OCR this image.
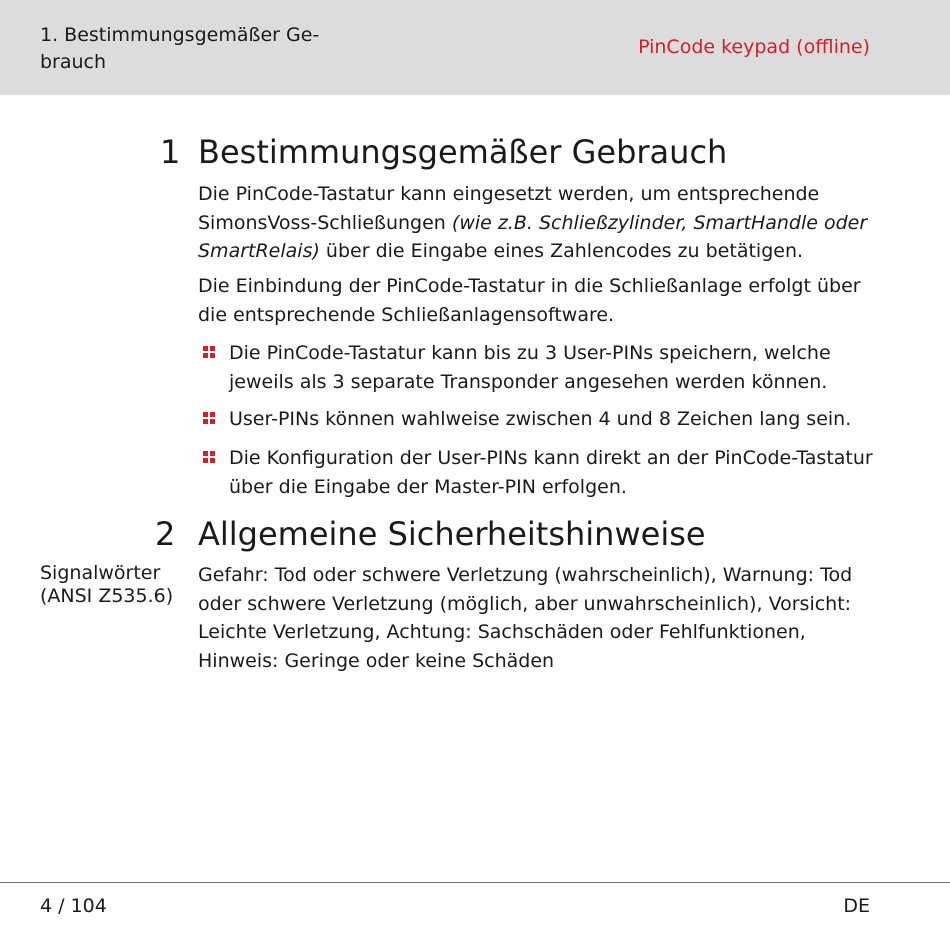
1. Bestimmungsgemäßer Ge- brauch
PinCode keypad (offline)
1 Bestimmungsgemäßer Gebrauch
Die PinCode-Tastatur kann eingesetzt werden, um entsprechende SimonsVoss-Schließungen (wie z.B. Schließzylinder, SmartHandle oder SmartRelais) über die Eingabe eines Zahlencodes zu betätigen.
Die Einbindung der PinCode-Tastatur in die Schließanlage erfolgt über die entsprechende Schließanlagensoftware.
Die PinCode-Tastatur kann bis zu 3 User-PINs speichern, welche jeweils als 3 separate Transponder angesehen werden können.
User-PINs können wahlweise zwischen 4 und 8 Zeichen lang sein.
Die Konfiguration der User-PINs kann direkt an der PinCode-Tastatur über die Eingabe der Master-PIN erfolgen.
2 Allgemeine Sicherheitshinweise
Signalwörter (ANSI Z535.6)
Gefahr: Tod oder schwere Verletzung (wahrscheinlich), Warnung: Tod oder schwere Verletzung (möglich, aber unwahrscheinlich), Vorsicht: Leichte Verletzung, Achtung: Sachschäden oder Fehlfunktionen, Hinweis: Geringe oder keine Schäden
4 / 104	DE
